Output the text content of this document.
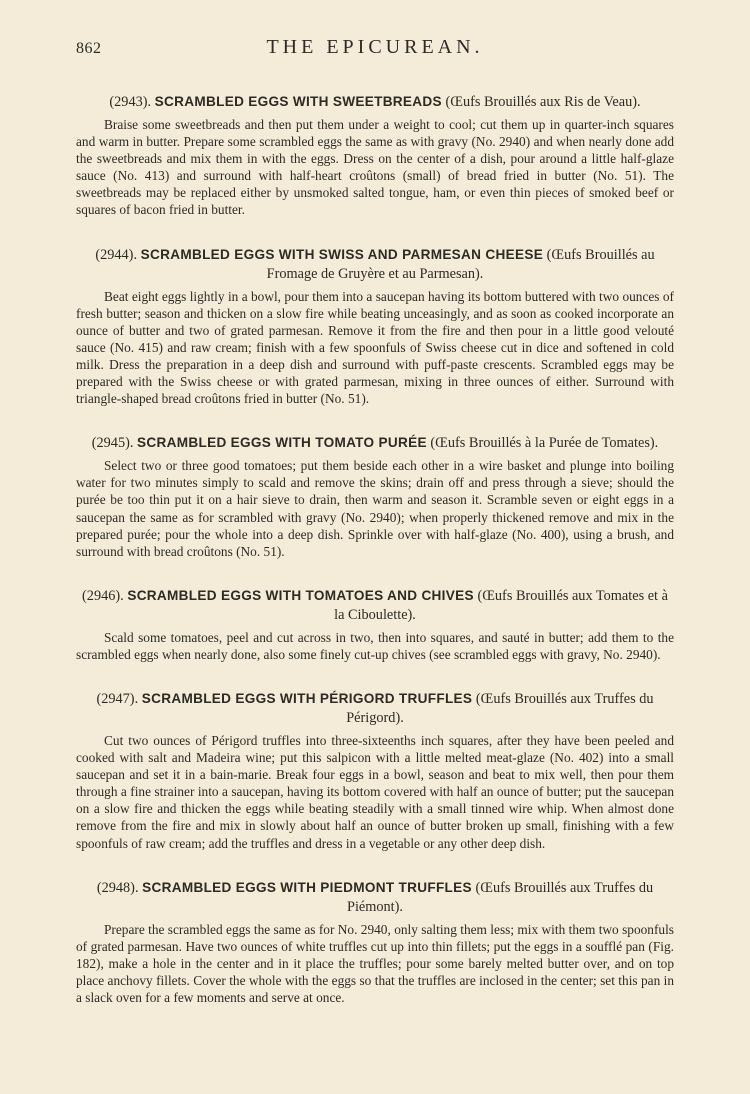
862	THE EPICUREAN.
(2943). SCRAMBLED EGGS WITH SWEETBREADS (Œufs Brouillés aux Ris de Veau).

Braise some sweetbreads and then put them under a weight to cool; cut them up in quarter-inch squares and warm in butter. Prepare some scrambled eggs the same as with gravy (No. 2940) and when nearly done add the sweetbreads and mix them in with the eggs. Dress on the center of a dish, pour around a little half-glaze sauce (No. 413) and surround with half-heart croûtons (small) of bread fried in butter (No. 51). The sweetbreads may be replaced either by unsmoked salted tongue, ham, or even thin pieces of smoked beef or squares of bacon fried in butter.

(2944). SCRAMBLED EGGS WITH SWISS AND PARMESAN CHEESE (Œufs Brouillés au Fromage de Gruyère et au Parmesan).

Beat eight eggs lightly in a bowl, pour them into a saucepan having its bottom buttered with two ounces of fresh butter; season and thicken on a slow fire while beating unceasingly, and as soon as cooked incorporate an ounce of butter and two of grated parmesan. Remove it from the fire and then pour in a little good velouté sauce (No. 415) and raw cream; finish with a few spoonfuls of Swiss cheese cut in dice and softened in cold milk. Dress the preparation in a deep dish and surround with puff-paste crescents. Scrambled eggs may be prepared with the Swiss cheese or with grated parmesan, mixing in three ounces of either. Surround with triangle-shaped bread croûtons fried in butter (No. 51).

(2945). SCRAMBLED EGGS WITH TOMATO PURÉE (Œufs Brouillés à la Purée de Tomates).

Select two or three good tomatoes; put them beside each other in a wire basket and plunge into boiling water for two minutes simply to scald and remove the skins; drain off and press through a sieve; should the purée be too thin put it on a hair sieve to drain, then warm and season it. Scramble seven or eight eggs in a saucepan the same as for scrambled with gravy (No. 2940); when properly thickened remove and mix in the prepared purée; pour the whole into a deep dish. Sprinkle over with half-glaze (No. 400), using a brush, and surround with bread croûtons (No. 51).

(2946). SCRAMBLED EGGS WITH TOMATOES AND CHIVES (Œufs Brouillés aux Tomates et à la Ciboulette).

Scald some tomatoes, peel and cut across in two, then into squares, and sauté in butter; add them to the scrambled eggs when nearly done, also some finely cut-up chives (see scrambled eggs with gravy, No. 2940).

(2947). SCRAMBLED EGGS WITH PÉRIGORD TRUFFLES (Œufs Brouillés aux Truffes du Périgord).

Cut two ounces of Périgord truffles into three-sixteenths inch squares, after they have been peeled and cooked with salt and Madeira wine; put this salpicon with a little melted meat-glaze (No. 402) into a small saucepan and set it in a bain-marie. Break four eggs in a bowl, season and beat to mix well, then pour them through a fine strainer into a saucepan, having its bottom covered with half an ounce of butter; put the saucepan on a slow fire and thicken the eggs while beating steadily with a small tinned wire whip. When almost done remove from the fire and mix in slowly about half an ounce of butter broken up small, finishing with a few spoonfuls of raw cream; add the truffles and dress in a vegetable or any other deep dish.

(2948). SCRAMBLED EGGS WITH PIEDMONT TRUFFLES (Œufs Brouillés aux Truffes du Piémont).

Prepare the scrambled eggs the same as for No. 2940, only salting them less; mix with them two spoonfuls of grated parmesan. Have two ounces of white truffles cut up into thin fillets; put the eggs in a soufflé pan (Fig. 182), make a hole in the center and in it place the truffles; pour some barely melted butter over, and on top place anchovy fillets. Cover the whole with the eggs so that the truffles are inclosed in the center; set this pan in a slack oven for a few moments and serve at once.
